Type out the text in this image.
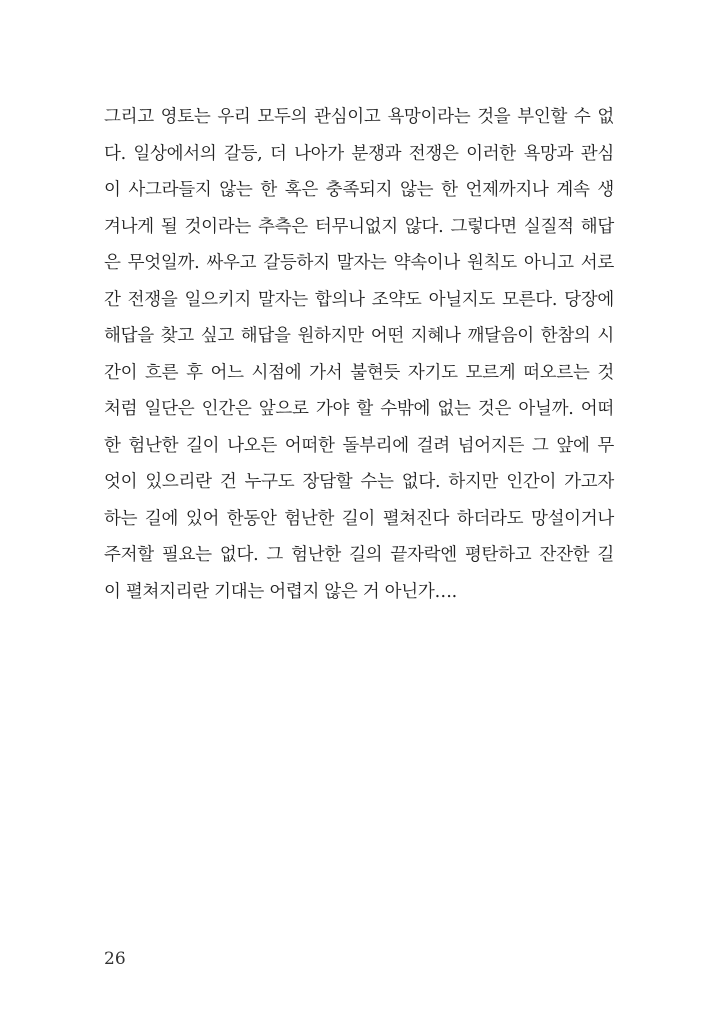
그리고 영토는 우리 모두의 관심이고 욕망이라는 것을 부인할 수 없
다. 일상에서의 갈등, 더 나아가 분쟁과 전쟁은 이러한 욕망과 관심
이 사그라들지 않는 한 혹은 충족되지 않는 한 언제까지나 계속 생
겨나게 될 것이라는 추측은 터무니없지 않다. 그렇다면 실질적 해답
은 무엇일까. 싸우고 갈등하지 말자는 약속이나 원칙도 아니고 서로
간 전쟁을 일으키지 말자는 합의나 조약도 아닐지도 모른다. 당장에
해답을 찾고 싶고 해답을 원하지만 어떤 지혜나 깨달음이 한참의 시
간이 흐른 후 어느 시점에 가서 불현듯 자기도 모르게 떠오르는 것
처럼 일단은 인간은 앞으로 가야 할 수밖에 없는 것은 아닐까. 어떠
한 험난한 길이 나오든 어떠한 돌부리에 걸려 넘어지든 그 앞에 무
엇이 있으리란 건 누구도 장담할 수는 없다. 하지만 인간이 가고자
하는 길에 있어 한동안 험난한 길이 펼쳐진다 하더라도 망설이거나
주저할 필요는 없다. 그 험난한 길의 끝자락엔 평탄하고 잔잔한 길
이 펼쳐지리란 기대는 어렵지 않은 거 아닌가….
26
